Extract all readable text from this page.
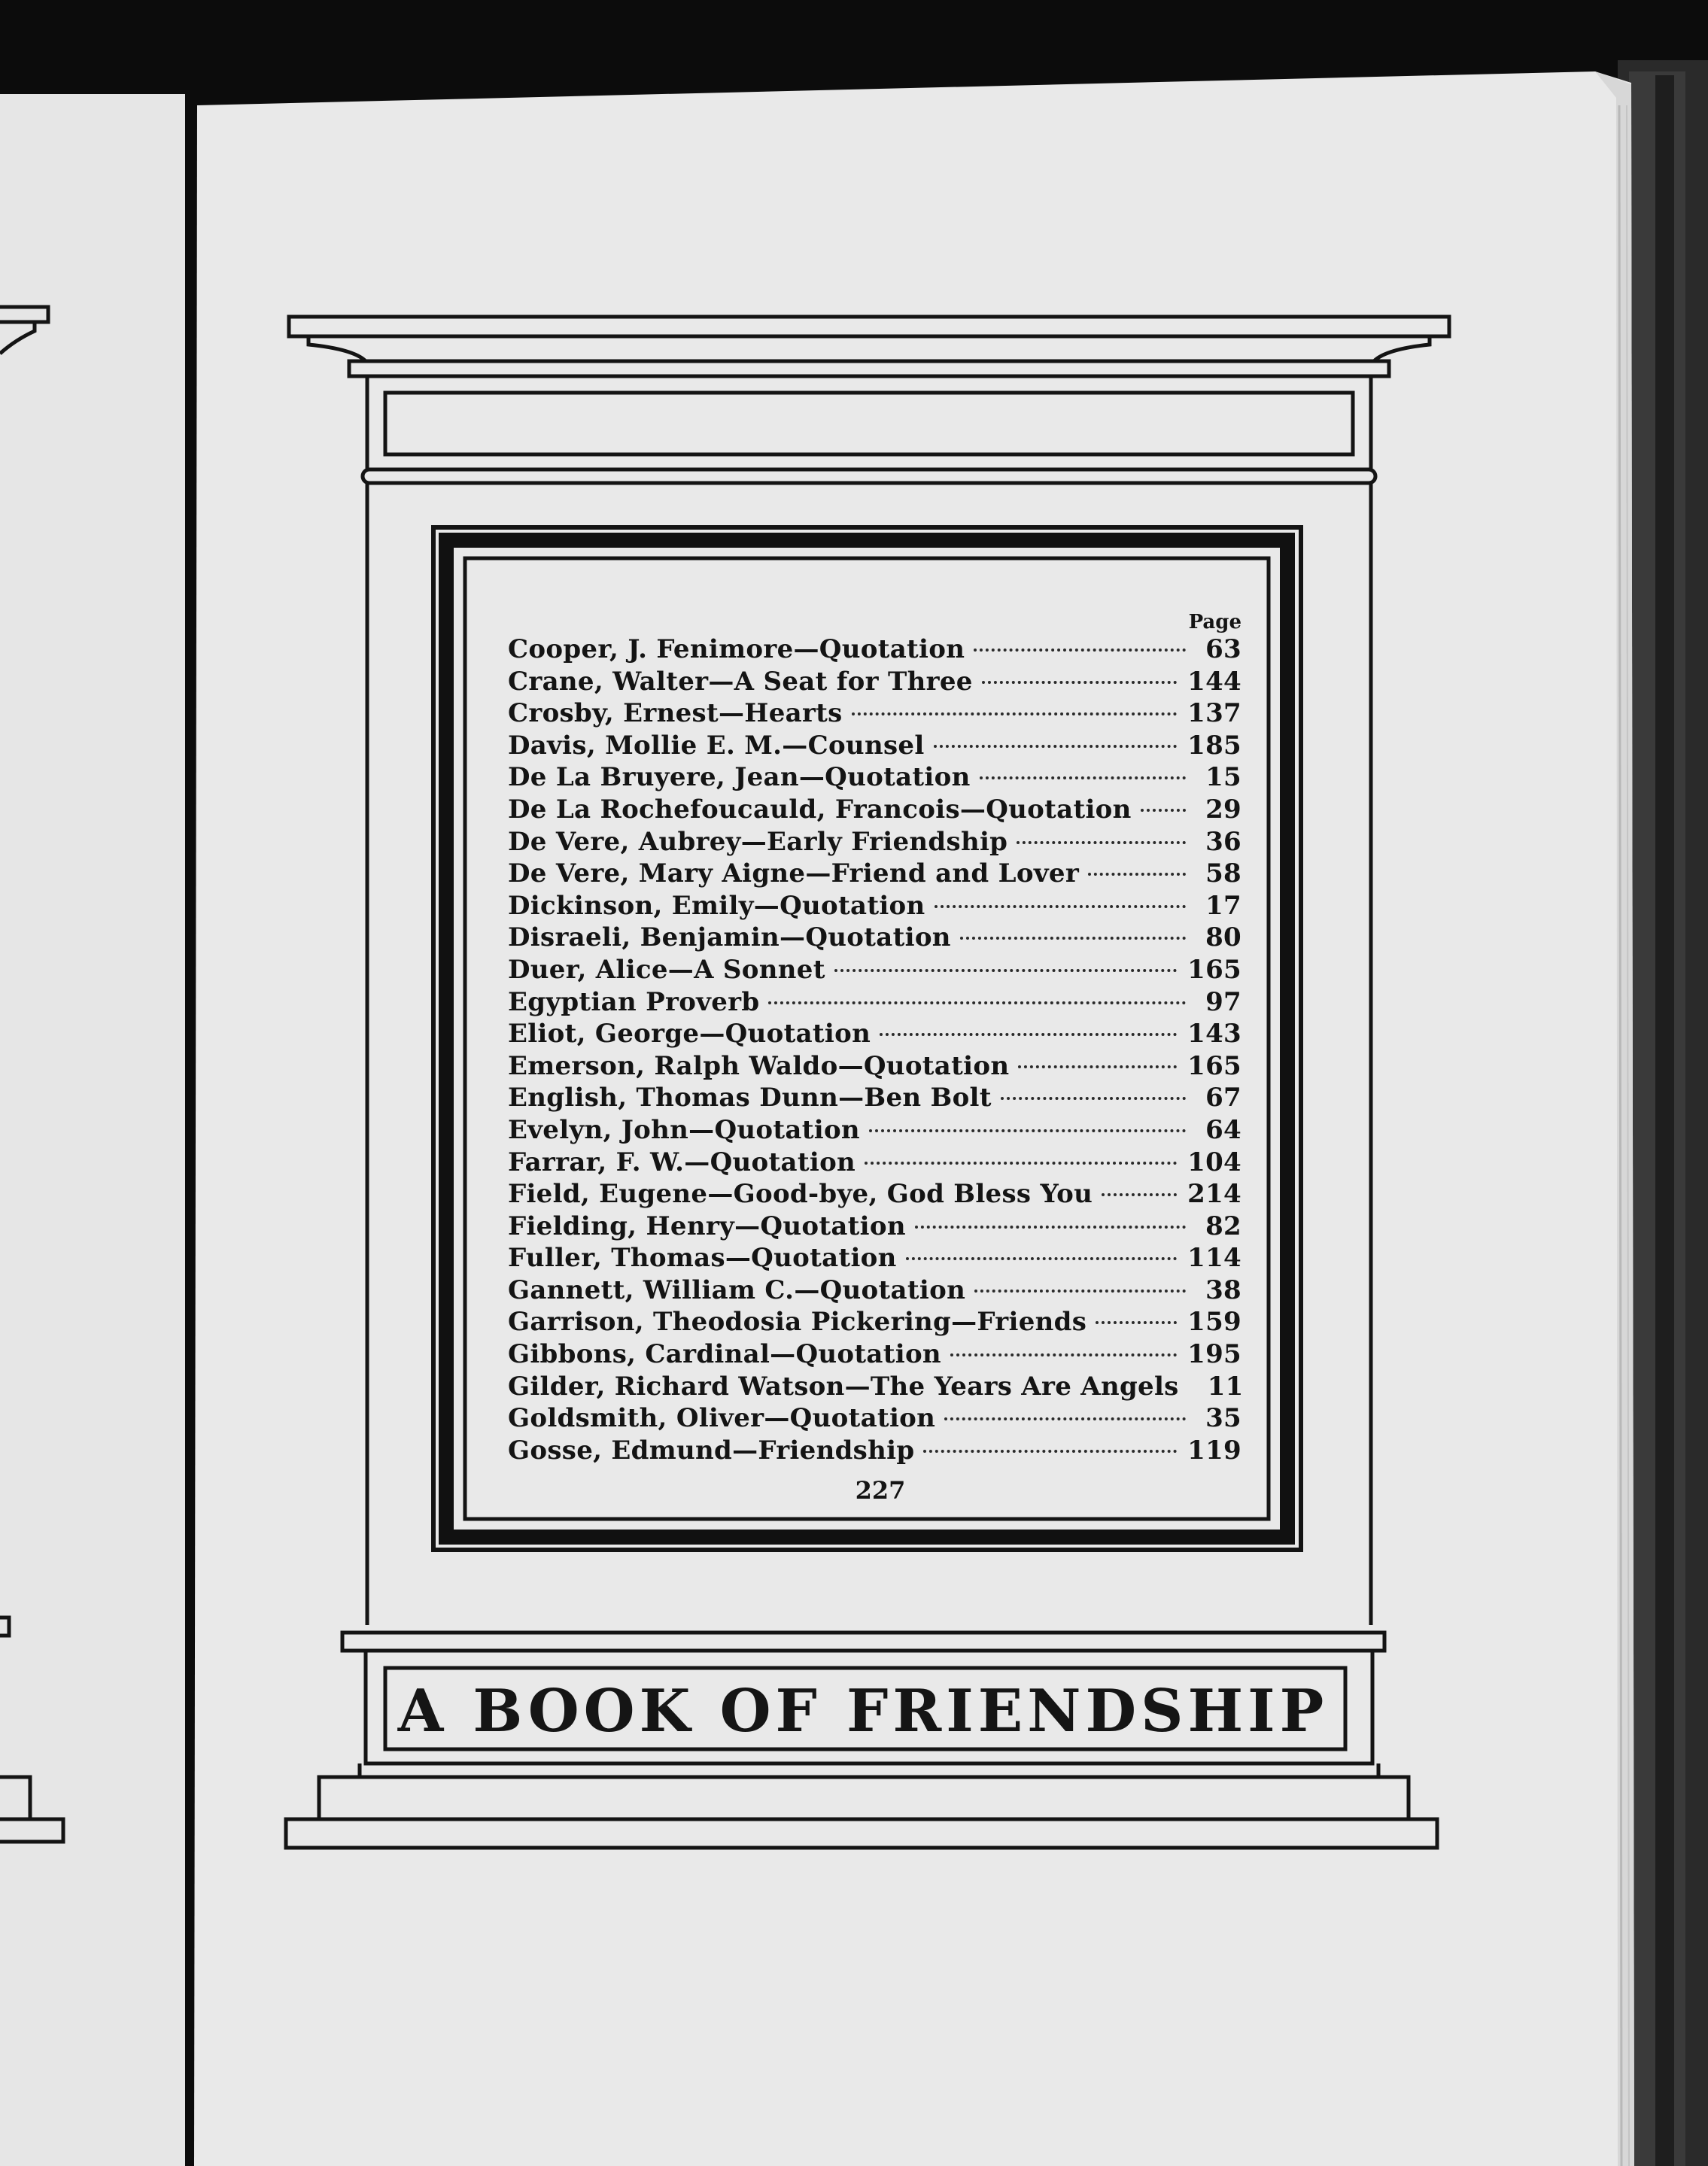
Page
Cooper, J. Fenimore—Quotation	63
Crane, Walter—A Seat for Three	144
Crosby, Ernest—Hearts	137
Davis, Mollie E. M.—Counsel	185
De La Bruyere, Jean—Quotation	15
De La Rochefoucauld, Francois—Quotation	29
De Vere, Aubrey—Early Friendship	36
De Vere, Mary Aigne—Friend and Lover	58
Dickinson, Emily—Quotation	17
Disraeli, Benjamin—Quotation	80
Duer, Alice—A Sonnet	165
Egyptian Proverb	97
Eliot, George—Quotation	143
Emerson, Ralph Waldo—Quotation	165
English, Thomas Dunn—Ben Bolt	67
Evelyn, John—Quotation	64
Farrar, F. W.—Quotation	104
Field, Eugene—Good-bye, God Bless You	214
Fielding, Henry—Quotation	82
Fuller, Thomas—Quotation	114
Gannett, William C.—Quotation	38
Garrison, Theodosia Pickering—Friends	159
Gibbons, Cardinal—Quotation	195
Gilder, Richard Watson—The Years Are Angels	11
Goldsmith, Oliver—Quotation	35
Gosse, Edmund—Friendship	119
227
A BOOK OF FRIENDSHIP
